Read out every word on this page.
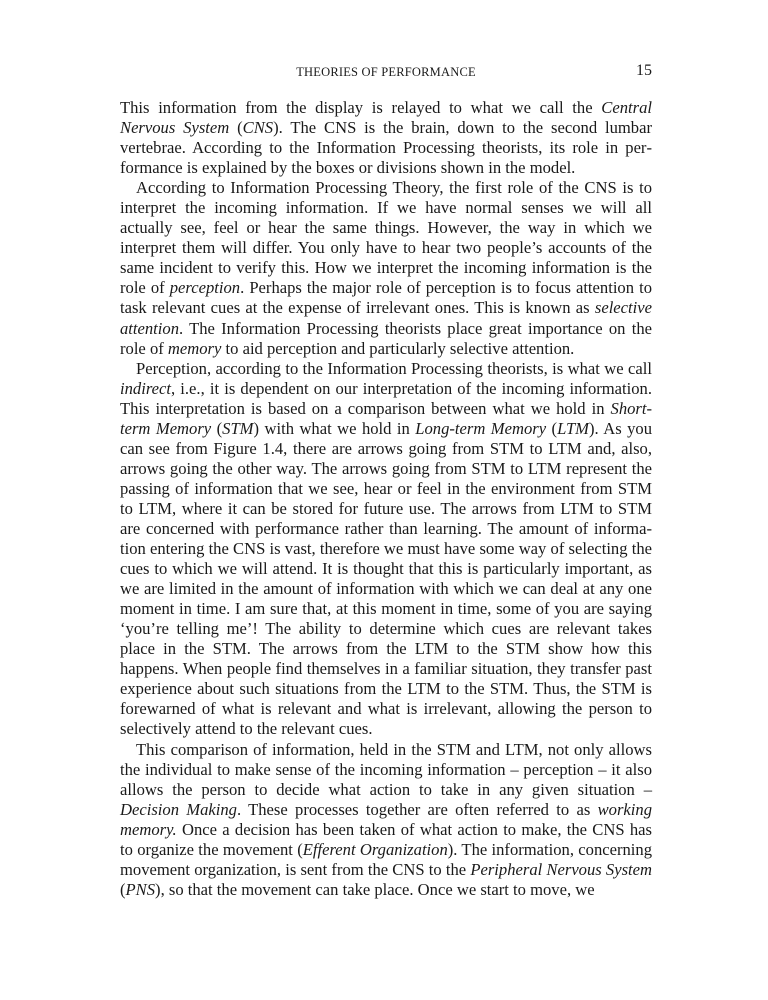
THEORIES OF PERFORMANCE	15

This information from the display is relayed to what we call the Central Nervous System (CNS). The CNS is the brain, down to the second lumbar vertebrae. According to the Information Processing theorists, its role in performance is explained by the boxes or divisions shown in the model.

According to Information Processing Theory, the first role of the CNS is to interpret the incoming information. If we have normal senses we will all actually see, feel or hear the same things. However, the way in which we interpret them will differ. You only have to hear two people’s accounts of the same incident to verify this. How we interpret the incoming information is the role of perception. Perhaps the major role of perception is to focus attention to task relevant cues at the expense of irrelevant ones. This is known as selective attention. The Information Processing theorists place great importance on the role of memory to aid perception and particularly selective attention.

Perception, according to the Information Processing theorists, is what we call indirect, i.e., it is dependent on our interpretation of the incoming information. This interpretation is based on a comparison between what we hold in Short-term Memory (STM) with what we hold in Long-term Memory (LTM). As you can see from Figure 1.4, there are arrows going from STM to LTM and, also, arrows going the other way. The arrows going from STM to LTM represent the passing of information that we see, hear or feel in the environment from STM to LTM, where it can be stored for future use. The arrows from LTM to STM are concerned with performance rather than learning. The amount of information entering the CNS is vast, therefore we must have some way of selecting the cues to which we will attend. It is thought that this is particularly important, as we are limited in the amount of information with which we can deal at any one moment in time. I am sure that, at this moment in time, some of you are saying ‘you’re telling me’! The ability to determine which cues are relevant takes place in the STM. The arrows from the LTM to the STM show how this happens. When people find themselves in a familiar situation, they transfer past experience about such situations from the LTM to the STM. Thus, the STM is forewarned of what is relevant and what is irrelevant, allowing the person to selectively attend to the relevant cues.

This comparison of information, held in the STM and LTM, not only allows the individual to make sense of the incoming information – perception – it also allows the person to decide what action to take in any given situation – Decision Making. These processes together are often referred to as working memory. Once a decision has been taken of what action to make, the CNS has to organize the movement (Efferent Organization). The information, concerning movement organization, is sent from the CNS to the Peripheral Nervous System (PNS), so that the movement can take place. Once we start to move, we
